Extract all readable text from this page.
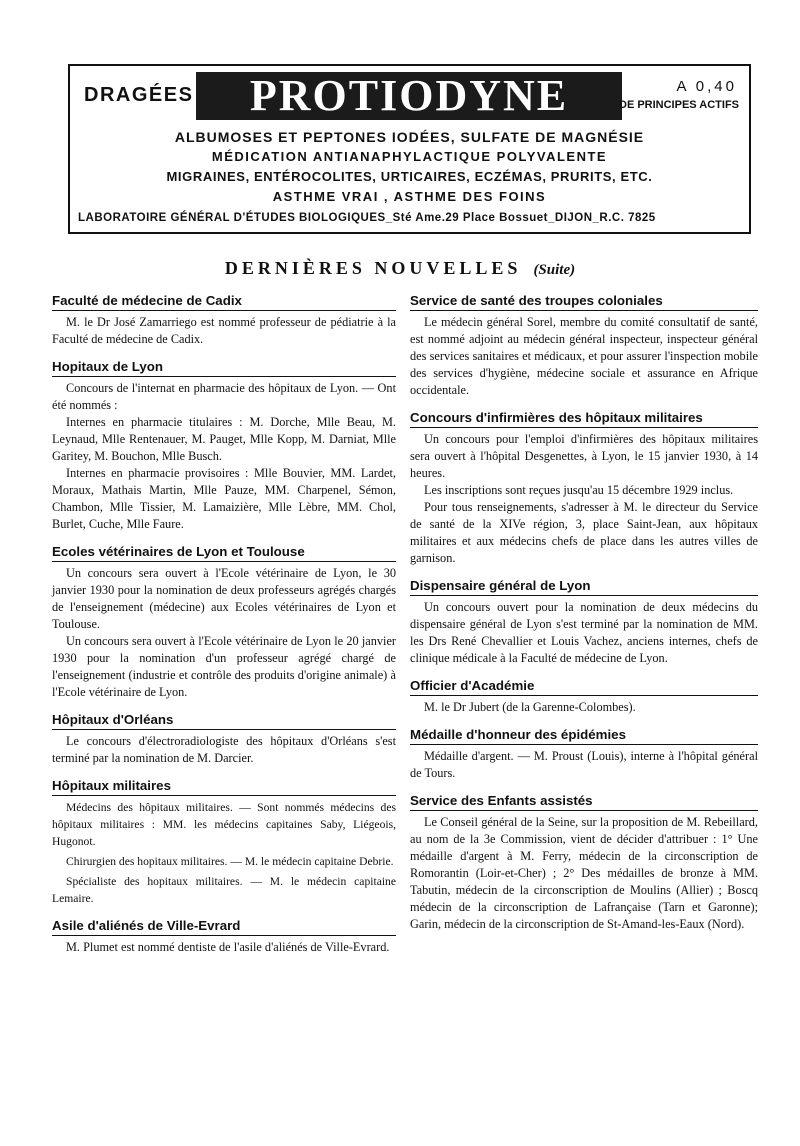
DRAGÉES	PROTIODYNE	A 0,40
DE PRINCIPES ACTIFS
ALBUMOSES ET PEPTONES IODÉES, SULFATE DE MAGNÉSIE
MÉDICATION ANTIANAPHYLACTIQUE POLYVALENTE
MIGRAINES, ENTÉROCOLITES, URTICAIRES, ECZÉMAS, PRURITS, ETC.
ASTHME VRAI , ASTHME DES FOINS
LABORATOIRE GÉNÉRAL D'ÉTUDES BIOLOGIQUES_Sté Ame.29 Place Bossuet_DIJON_R.C. 7825
DERNIÈRES NOUVELLES (Suite)
Faculté de médecine de Cadix
M. le Dr José Zamarriego est nommé professeur de pédiatrie à la Faculté de médecine de Cadix.
Hopitaux de Lyon
Concours de l'internat en pharmacie des hôpitaux de Lyon. — Ont été nommés :
Internes en pharmacie titulaires : M. Dorche, Mlle Beau, M. Leynaud, Mlle Rentenauer, M. Pauget, Mlle Kopp, M. Darniat, Mlle Garitey, M. Bouchon, Mlle Busch.
Internes en pharmacie provisoires : Mlle Bouvier, MM. Lardet, Moraux, Mathais Martin, Mlle Pauze, MM. Charpenel, Sémon, Chambon, Mlle Tissier, M. Lamaizière, Mlle Lèbre, MM. Chol, Burlet, Cuche, Mlle Faure.
Ecoles vétérinaires de Lyon et Toulouse
Un concours sera ouvert à l'Ecole vétérinaire de Lyon, le 30 janvier 1930 pour la nomination de deux professeurs agrégés chargés de l'enseignement (médecine) aux Ecoles vétérinaires de Lyon et Toulouse.
Un concours sera ouvert à l'Ecole vétérinaire de Lyon le 20 janvier 1930 pour la nomination d'un professeur agrégé chargé de l'enseignement (industrie et contrôle des produits d'origine animale) à l'Ecole vétérinaire de Lyon.
Hôpitaux d'Orléans
Le concours d'électroradiologiste des hôpitaux d'Orléans s'est terminé par la nomination de M. Darcier.
Hôpitaux militaires
Médecins des hôpitaux militaires. — Sont nommés médecins des hôpitaux militaires : MM. les médecins capitaines Saby, Liégeois, Hugonot.
Chirurgien des hopitaux militaires. — M. le médecin capitaine Debrie.
Spécialiste des hopitaux militaires. — M. le médecin capitaine Lemaire.
Asile d'aliénés de Ville-Evrard
M. Plumet est nommé dentiste de l'asile d'aliénés de Ville-Evrard.
Service de santé des troupes coloniales
Le médecin général Sorel, membre du comité consultatif de santé, est nommé adjoint au médecin général inspecteur, inspecteur général des services sanitaires et médicaux, et pour assurer l'inspection mobile des services d'hygiène, médecine sociale et assurance en Afrique occidentale.
Concours d'infirmières des hôpitaux militaires
Un concours pour l'emploi d'infirmières des hôpitaux militaires sera ouvert à l'hôpital Desgenettes, à Lyon, le 15 janvier 1930, à 14 heures.
Les inscriptions sont reçues jusqu'au 15 décembre 1929 inclus.
Pour tous renseignements, s'adresser à M. le directeur du Service de santé de la XIVe région, 3, place Saint-Jean, aux hôpitaux militaires et aux médecins chefs de place dans les autres villes de garnison.
Dispensaire général de Lyon
Un concours ouvert pour la nomination de deux médecins du dispensaire général de Lyon s'est terminé par la nomination de MM. les Drs René Chevallier et Louis Vachez, anciens internes, chefs de clinique médicale à la Faculté de médecine de Lyon.
Officier d'Académie
M. le Dr Jubert (de la Garenne-Colombes).
Médaille d'honneur des épidémies
Médaille d'argent. — M. Proust (Louis), interne à l'hôpital général de Tours.
Service des Enfants assistés
Le Conseil général de la Seine, sur la proposition de M. Rebeillard, au nom de la 3e Commission, vient de décider d'attribuer : 1° Une médaille d'argent à M. Ferry, médecin de la circonscription de Romorantin (Loir-et-Cher) ; 2° Des médailles de bronze à MM. Tabutin, médecin de la circonscription de Moulins (Allier) ; Boscq médecin de la circonscription de Lafrançaise (Tarn et Garonne); Garin, médecin de la circonscription de St-Amand-les-Eaux (Nord).
